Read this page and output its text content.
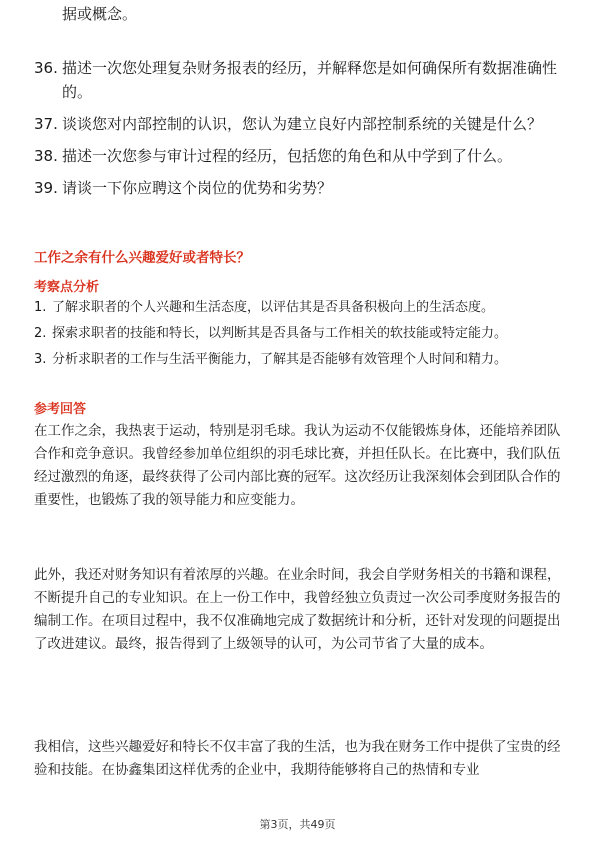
据或概念。
36. 描述一次您处理复杂财务报表的经历，并解释您是如何确保所有数据准确性的。
37. 谈谈您对内部控制的认识，您认为建立良好内部控制系统的关键是什么？
38. 描述一次您参与审计过程的经历，包括您的角色和从中学到了什么。
39. 请谈一下你应聘这个岗位的优势和劣势？
工作之余有什么兴趣爱好或者特长？
考察点分析
1. 了解求职者的个人兴趣和生活态度，以评估其是否具备积极向上的生活态度。
2. 探索求职者的技能和特长，以判断其是否具备与工作相关的软技能或特定能力。
3. 分析求职者的工作与生活平衡能力，了解其是否能够有效管理个人时间和精力。
参考回答
在工作之余，我热衷于运动，特别是羽毛球。我认为运动不仅能锻炼身体，还能培养团队合作和竞争意识。我曾经参加单位组织的羽毛球比赛，并担任队长。在比赛中，我们队伍经过激烈的角逐，最终获得了公司内部比赛的冠军。这次经历让我深刻体会到团队合作的重要性，也锻炼了我的领导能力和应变能力。
此外，我还对财务知识有着浓厚的兴趣。在业余时间，我会自学财务相关的书籍和课程，不断提升自己的专业知识。在上一份工作中，我曾经独立负责过一次公司季度财务报告的编制工作。在项目过程中，我不仅准确地完成了数据统计和分析，还针对发现的问题提出了改进建议。最终，报告得到了上级领导的认可，为公司节省了大量的成本。
我相信，这些兴趣爱好和特长不仅丰富了我的生活，也为我在财务工作中提供了宝贵的经验和技能。在协鑫集团这样优秀的企业中，我期待能够将自己的热情和专业
第3页，共49页
